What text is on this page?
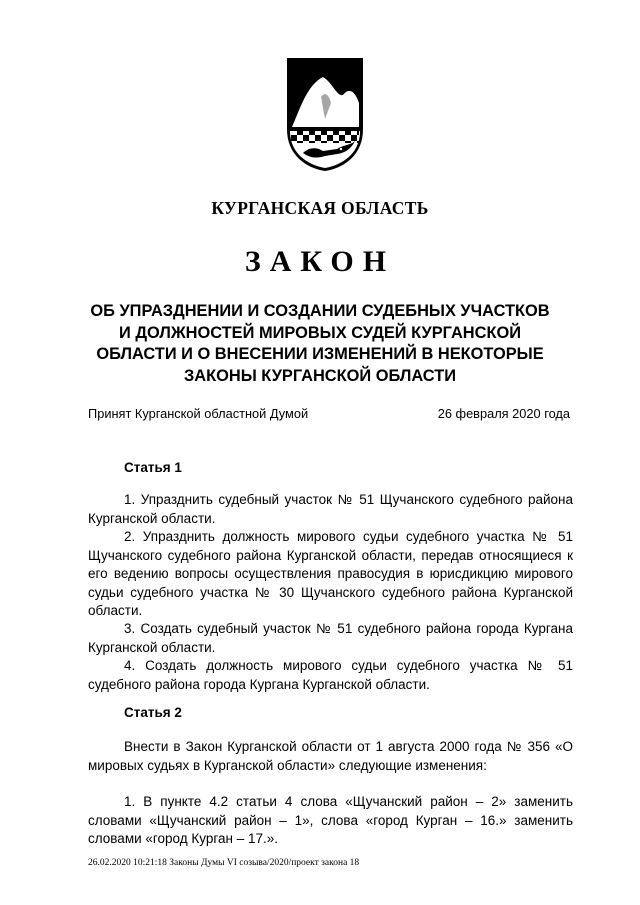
КУРГАНСКАЯ ОБЛАСТЬ
ЗАКОН
ОБ УПРАЗДНЕНИИ И СОЗДАНИИ СУДЕБНЫХ УЧАСТКОВ
И ДОЛЖНОСТЕЙ МИРОВЫХ СУДЕЙ КУРГАНСКОЙ
ОБЛАСТИ И О ВНЕСЕНИИ ИЗМЕНЕНИЙ В НЕКОТОРЫЕ
ЗАКОНЫ КУРГАНСКОЙ ОБЛАСТИ
Принят Курганской областной Думой	26 февраля 2020 года
Статья 1

1. Упразднить судебный участок № 51 Щучанского судебного района Курганской области.

2. Упразднить должность мирового судьи судебного участка № 51 Щучанского судебного района Курганской области, передав относящиеся к его ведению вопросы осуществления правосудия в юрисдикцию мирового судьи судебного участка № 30 Щучанского судебного района Курганской области.

3. Создать судебный участок № 51 судебного района города Кургана Курганской области.

4. Создать должность мирового судьи судебного участка № 51 судебного района города Кургана Курганской области.

Статья 2

Внести в Закон Курганской области от 1 августа 2000 года № 356 «О мировых судьях в Курганской области» следующие изменения:

1. В пункте 4.2 статьи 4 слова «Щучанский район – 2» заменить словами «Щучанский район – 1», слова «город Курган – 16.» заменить словами «город Курган – 17.».

26.02.2020 10:21:18 Законы Думы VI созыва/2020/проект закона 18
